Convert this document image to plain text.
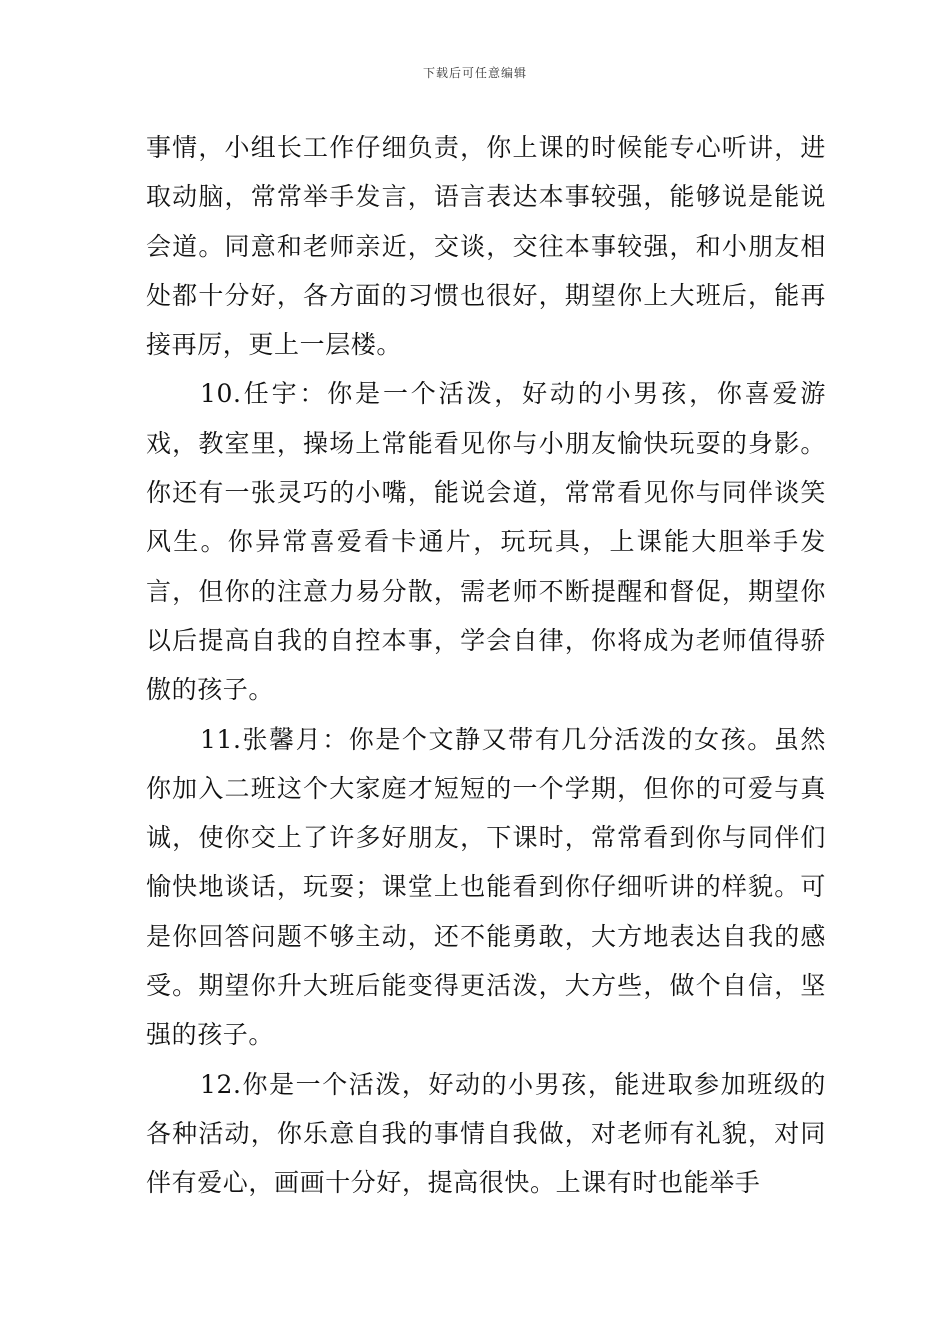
下载后可任意编辑

事情，小组长工作仔细负责，你上课的时候能专心听讲，进取动脑，常常举手发言，语言表达本事较强，能够说是能说会道。同意和老师亲近，交谈，交往本事较强，和小朋友相处都十分好，各方面的习惯也很好，期望你上大班后，能再接再厉，更上一层楼。

10.任宇：你是一个活泼，好动的小男孩，你喜爱游戏，教室里，操场上常能看见你与小朋友愉快玩耍的身影。你还有一张灵巧的小嘴，能说会道，常常看见你与同伴谈笑风生。你异常喜爱看卡通片，玩玩具，上课能大胆举手发言，但你的注意力易分散，需老师不断提醒和督促，期望你以后提高自我的自控本事，学会自律，你将成为老师值得骄傲的孩子。

11.张馨月：你是个文静又带有几分活泼的女孩。虽然你加入二班这个大家庭才短短的一个学期，但你的可爱与真诚，使你交上了许多好朋友，下课时，常常看到你与同伴们愉快地谈话，玩耍；课堂上也能看到你仔细听讲的样貌。可是你回答问题不够主动，还不能勇敢，大方地表达自我的感受。期望你升大班后能变得更活泼，大方些，做个自信，坚强的孩子。

12.你是一个活泼，好动的小男孩，能进取参加班级的各种活动，你乐意自我的事情自我做，对老师有礼貌，对同伴有爱心，画画十分好，提高很快。上课有时也能举手
